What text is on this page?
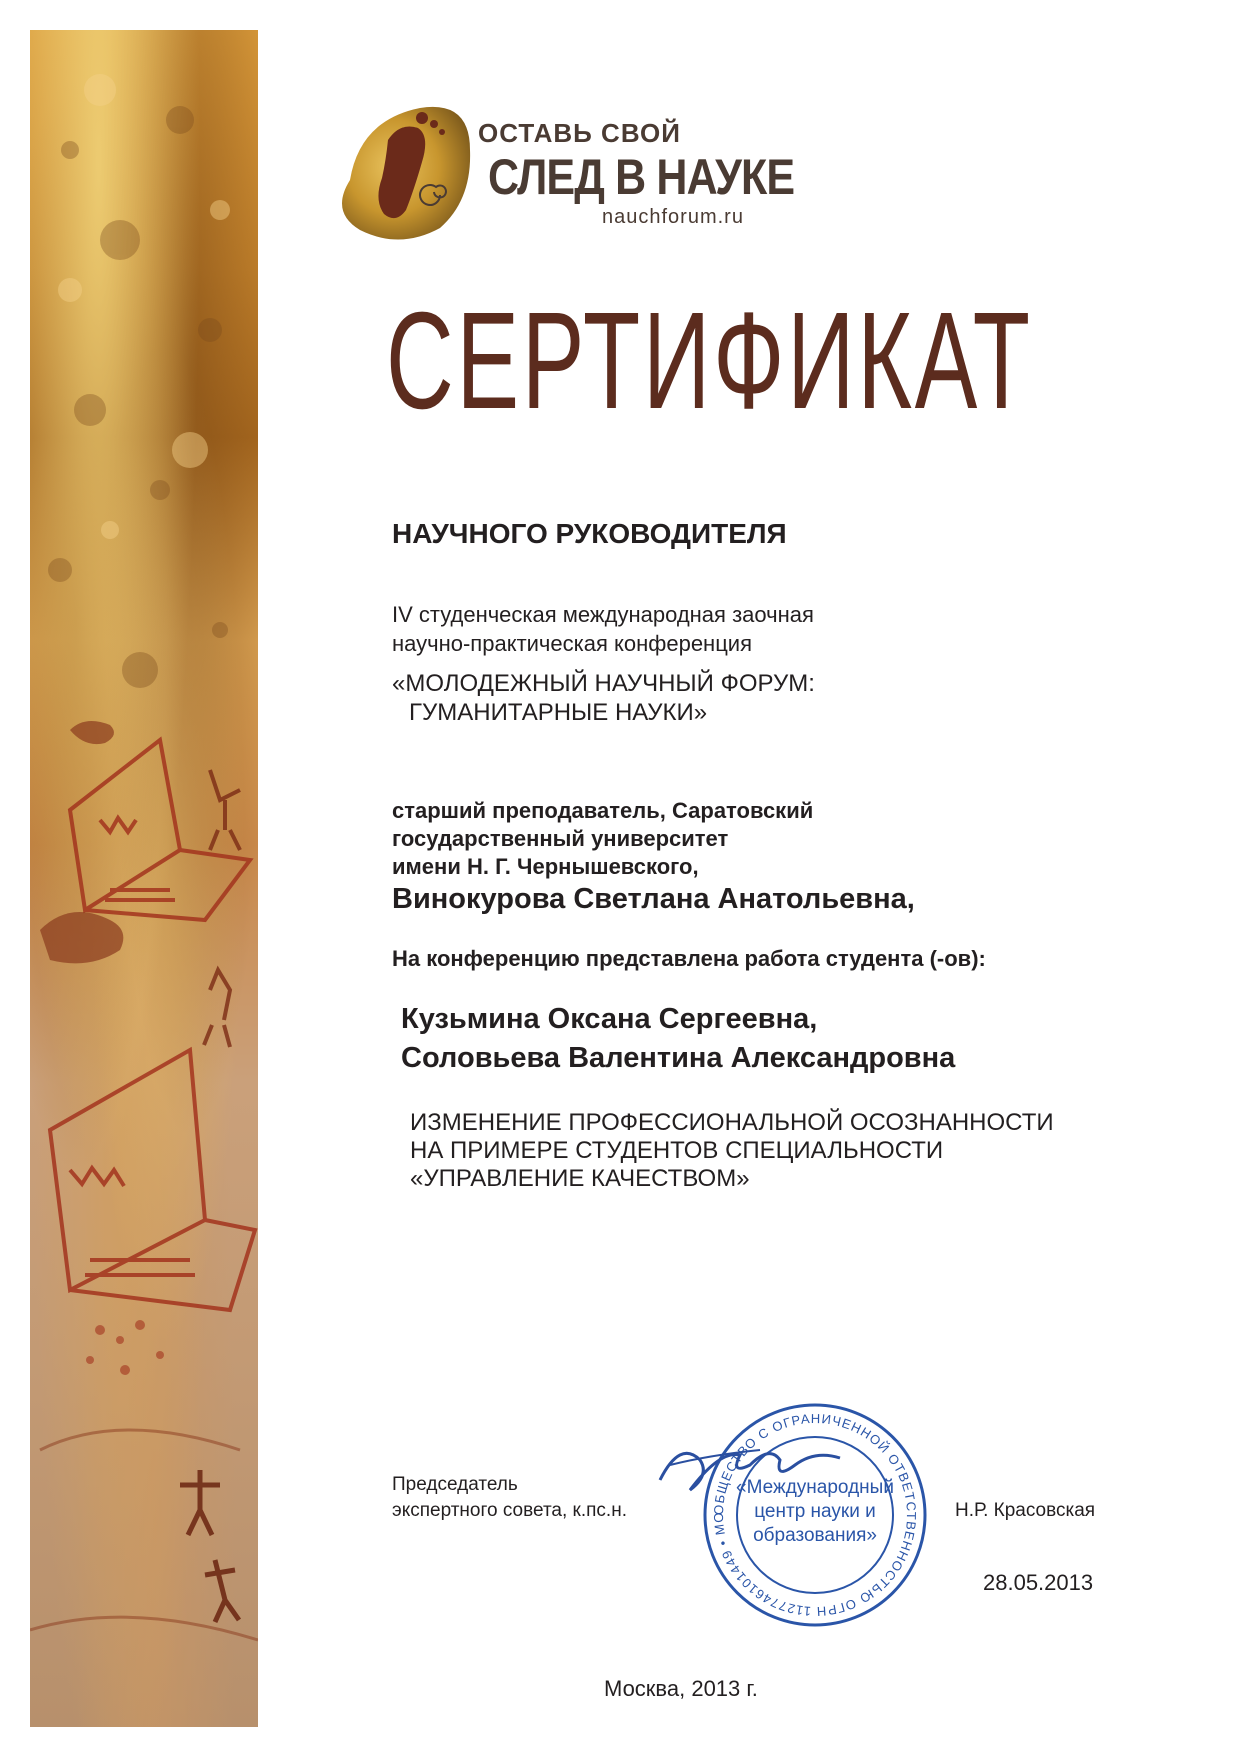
ОСТАВЬ СВОЙ
СЛЕД В НАУКЕ
nauchforum.ru
СЕРТИФИКАТ
НАУЧНОГО РУКОВОДИТЕЛЯ
IV студенческая международная заочная
научно-практическая конференция
«МОЛОДЕЖНЫЙ НАУЧНЫЙ ФОРУМ:
ГУМАНИТАРНЫЕ НАУКИ»
старший преподаватель, Саратовский
государственный университет
имени Н. Г. Чернышевского,
Винокурова Светлана Анатольевна,
На конференцию представлена работа студента (-ов):
Кузьмина Оксана Сергеевна,
Соловьева Валентина Александровна
ИЗМЕНЕНИЕ ПРОФЕССИОНАЛЬНОЙ ОСОЗНАННОСТИ
НА ПРИМЕРЕ СТУДЕНТОВ СПЕЦИАЛЬНОСТИ
«УПРАВЛЕНИЕ КАЧЕСТВОМ»
ОБЩЕСТВО С ОГРАНИЧЕННОЙ ОТВЕТСТВЕННОСТЬЮ ОГРН 1127746101449 • МО
«Международный
центр науки и
образования»
Председатель
экспертного совета, к.пс.н.	Н.Р. Красовская
28.05.2013
Москва, 2013 г.
